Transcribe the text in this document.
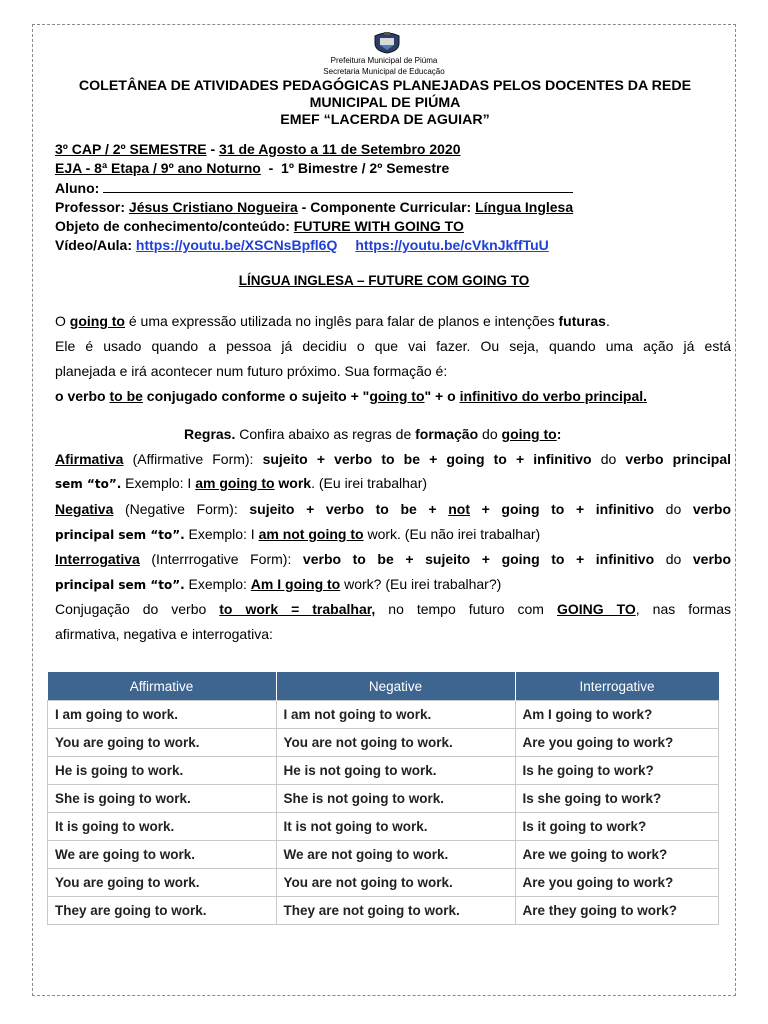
Prefeitura Municipal de Piúma
Secretaria Municipal de Educação
COLETÂNEA DE ATIVIDADES PEDAGÓGICAS PLANEJADAS PELOS DOCENTES DA REDE
MUNICIPAL DE PIÚMA
EMEF “LACERDA DE AGUIAR”
3º CAP / 2º SEMESTRE - 31 de Agosto a 11 de Setembro 2020
EJA - 8ª Etapa / 9º ano Noturno  -  1º Bimestre / 2º Semestre
Aluno:
Professor: Jésus Cristiano Nogueira - Componente Curricular: Língua Inglesa
Objeto de conhecimento/conteúdo: FUTURE WITH GOING TO
Vídeo/Aula: https://youtu.be/XSCNsBpfl6Q https://youtu.be/cVknJkffTuU
LÍNGUA INGLESA – FUTURE COM GOING TO
O going to é uma expressão utilizada no inglês para falar de planos e intenções futuras.
Ele é usado quando a pessoa já decidiu o que vai fazer. Ou seja, quando uma ação já está
planejada e irá acontecer num futuro próximo. Sua formação é:
o verbo to be conjugado conforme o sujeito + "going to" + o infinitivo do verbo principal.
Regras. Confira abaixo as regras de formação do going to:
Afirmativa (Affirmative Form): sujeito + verbo to be + going to + infinitivo do verbo principal
sem “to”. Exemplo: I am going to work. (Eu irei trabalhar)
Negativa (Negative Form): sujeito + verbo to be + not + going to + infinitivo do verbo
principal sem “to”. Exemplo: I am not going to work. (Eu não irei trabalhar)
Interrogativa (Interrrogative Form): verbo to be + sujeito + going to + infinitivo do verbo
principal sem “to”. Exemplo: Am I going to work? (Eu irei trabalhar?)
Conjugação do verbo to work = trabalhar, no tempo futuro com GOING TO, nas formas
afirmativa, negativa e interrogativa:
Affirmative	Negative	Interrogative
I am going to work.	I am not going to work.	Am I going to work?
You are going to work.	You are not going to work.	Are you going to work?
He is going to work.	He is not going to work.	Is he going to work?
She is going to work.	She is not going to work.	Is she going to work?
It is going to work.	It is not going to work.	Is it going to work?
We are going to work.	We are not going to work.	Are we going to work?
You are going to work.	You are not going to work.	Are you going to work?
They are going to work.	They are not going to work.	Are they going to work?
